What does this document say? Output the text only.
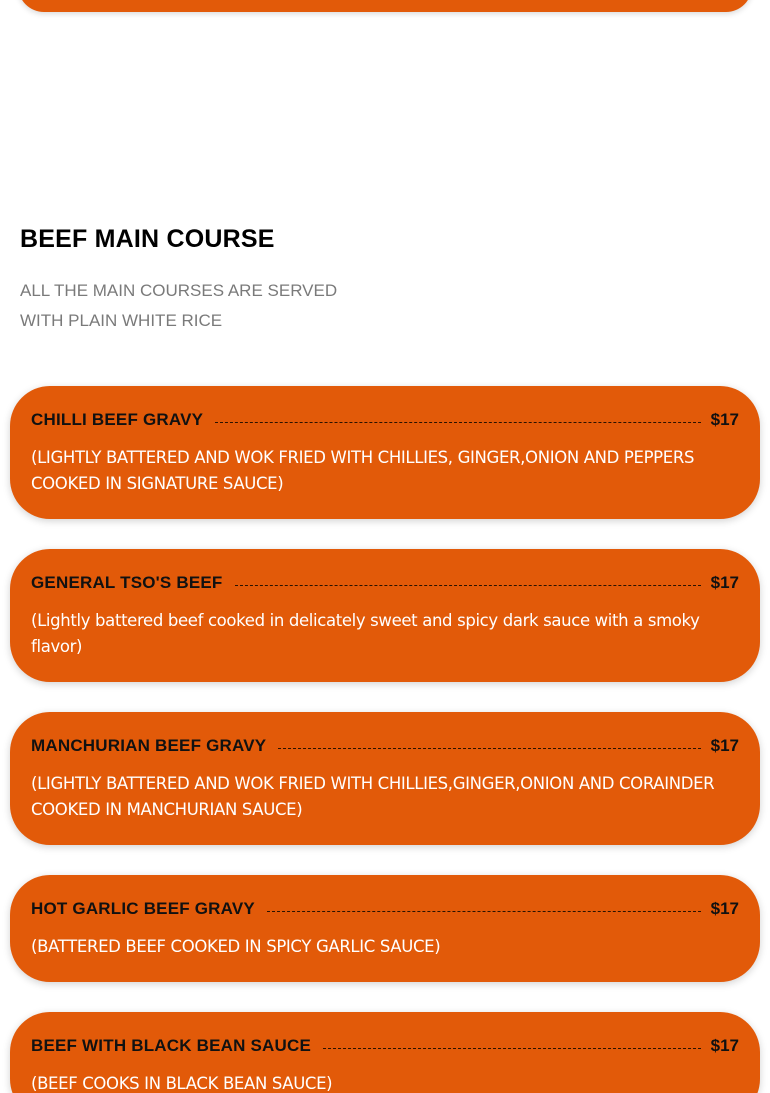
BEEF MAIN COURSE

ALL THE MAIN COURSES ARE SERVED WITH PLAIN WHITE RICE

CHILLI BEEF GRAVY	$17
(LIGHTLY BATTERED AND WOK FRIED WITH CHILLIES, GINGER,ONION AND PEPPERS COOKED IN SIGNATURE SAUCE)
GENERAL TSO'S BEEF	$17
(Lightly battered beef cooked in delicately sweet and spicy dark sauce with a smoky flavor)
MANCHURIAN BEEF GRAVY	$17
(LIGHTLY BATTERED AND WOK FRIED WITH CHILLIES,GINGER,ONION AND CORAINDER COOKED IN MANCHURIAN SAUCE)
HOT GARLIC BEEF GRAVY	$17
(BATTERED BEEF COOKED IN SPICY GARLIC SAUCE)
BEEF WITH BLACK BEAN SAUCE	$17
(BEEF COOKS IN BLACK BEAN SAUCE)
